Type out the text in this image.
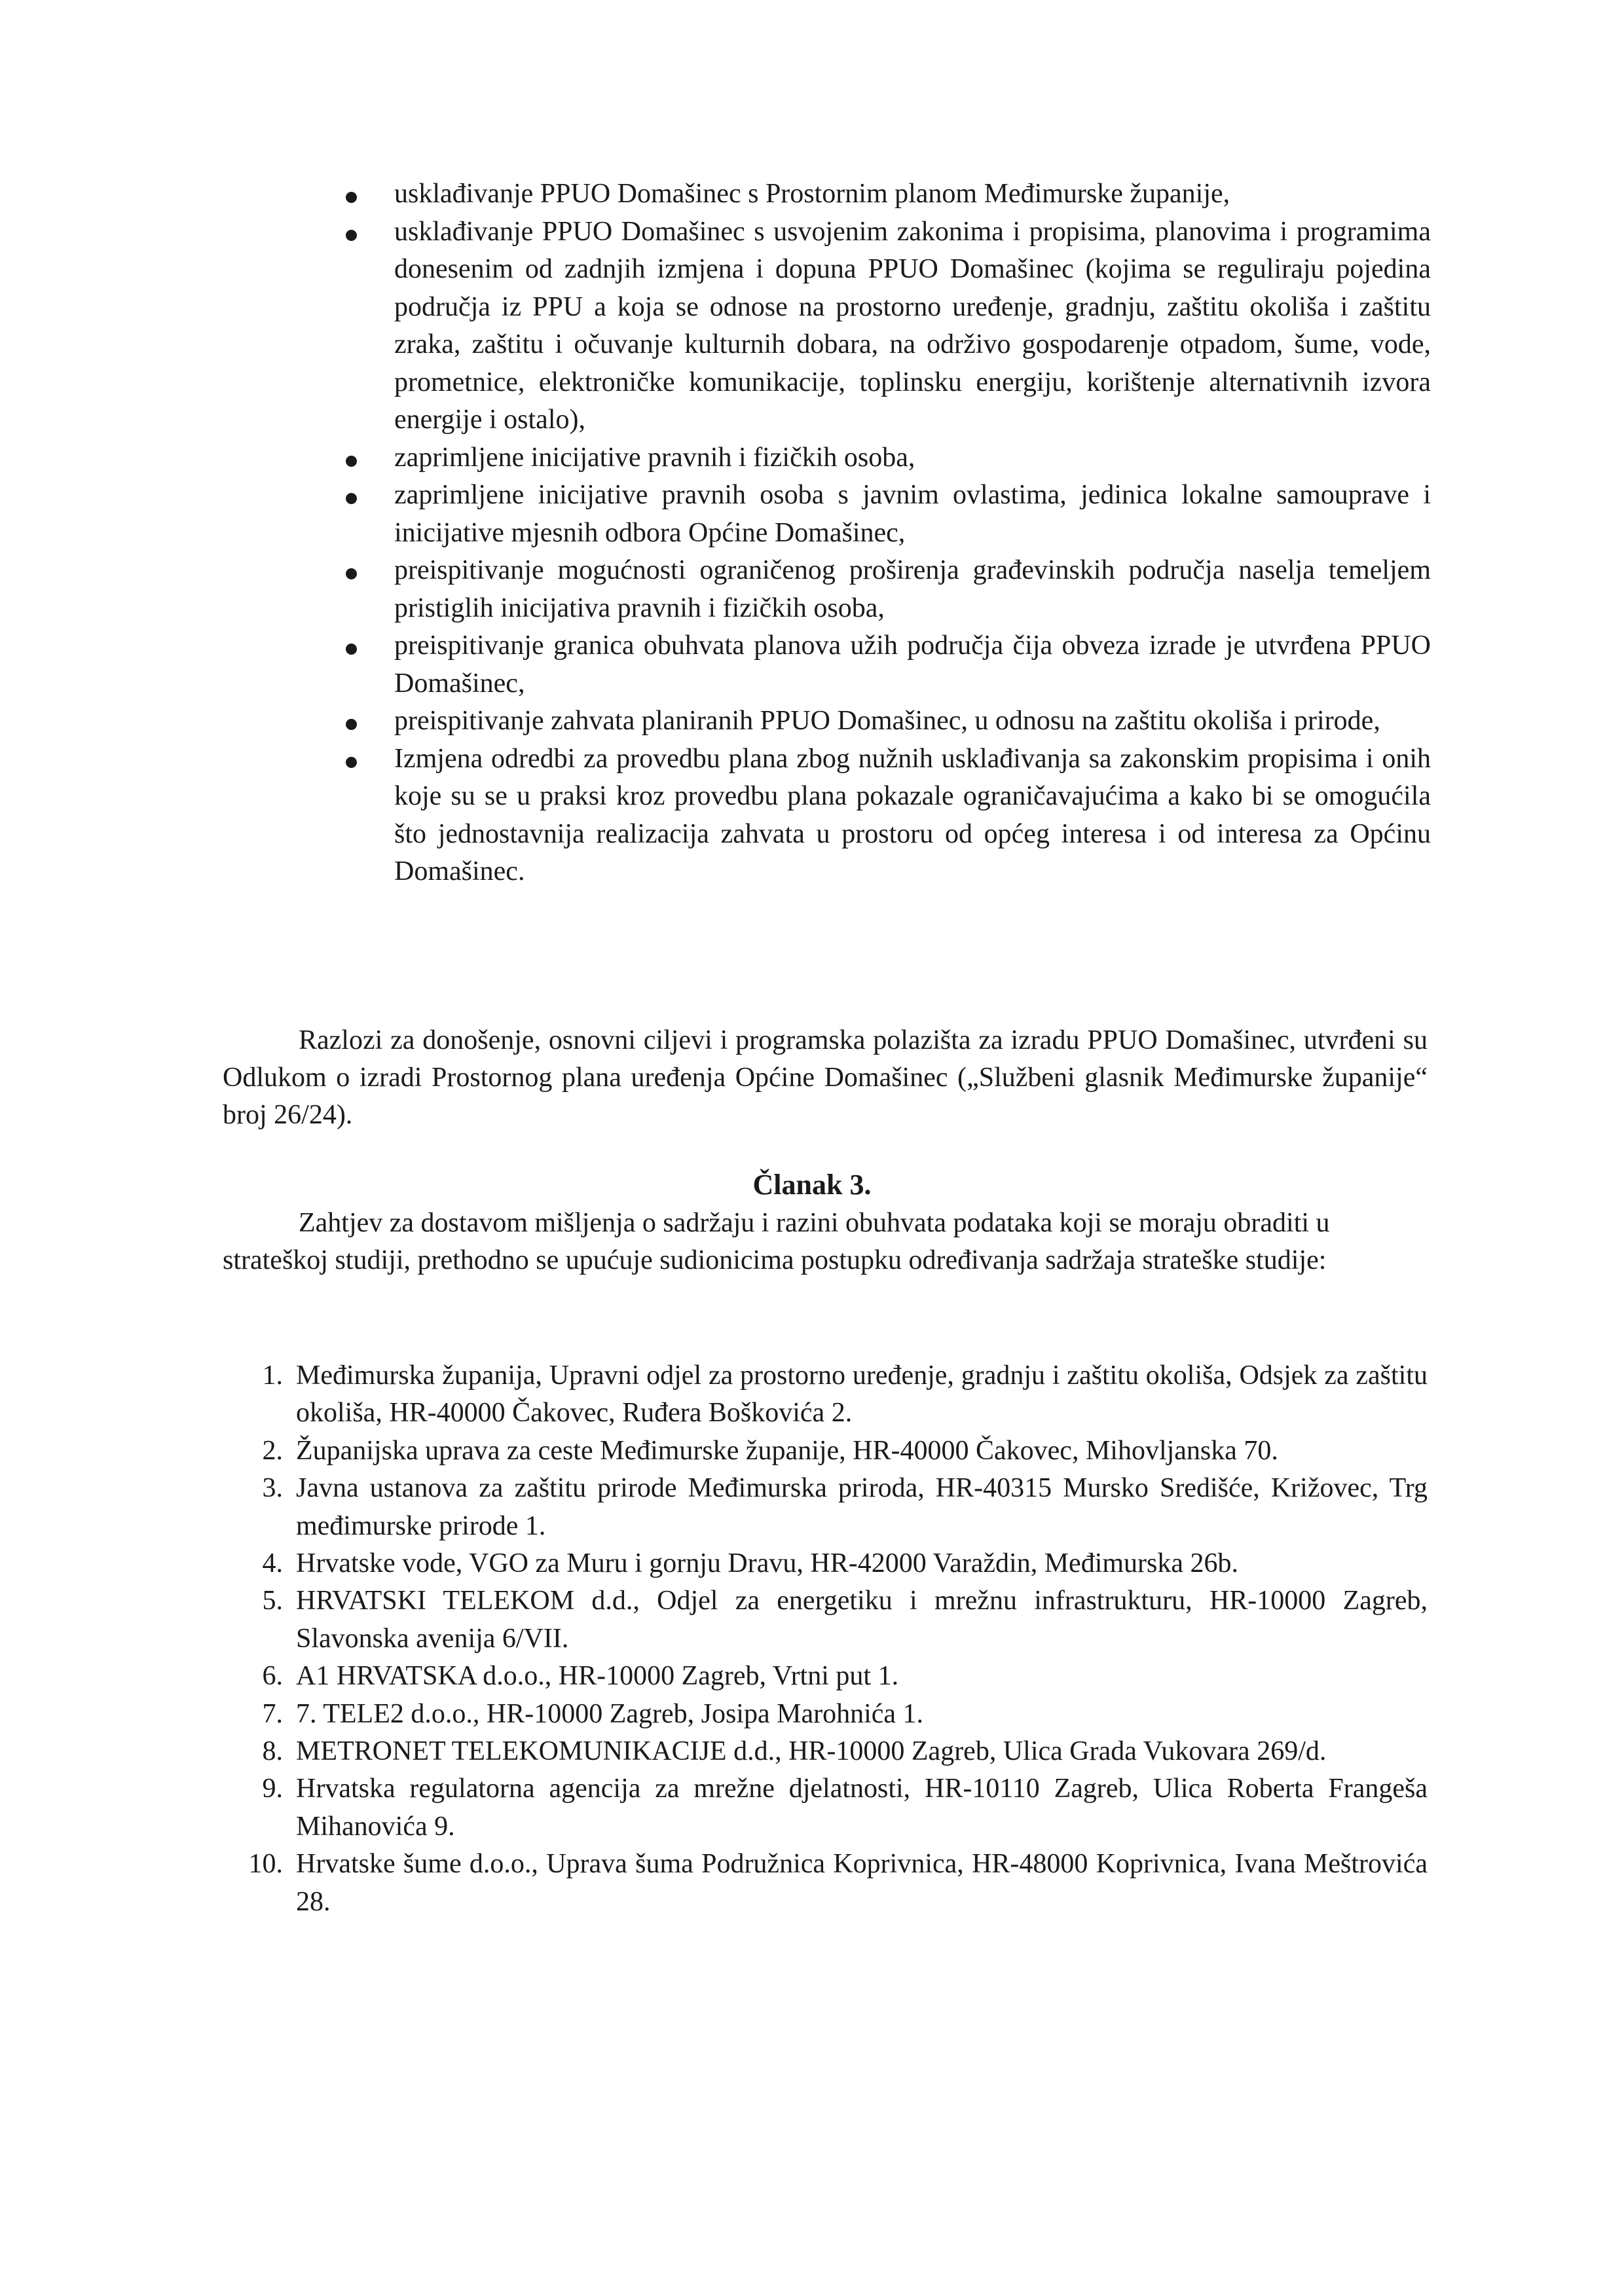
usklađivanje PPUO Domašinec s Prostornim planom Međimurske županije,
usklađivanje PPUO Domašinec s usvojenim zakonima i propisima, planovima i programima donesenim od zadnjih izmjena i dopuna PPUO Domašinec (kojima se reguliraju pojedina područja iz PPU a koja se odnose na prostorno uređenje, gradnju, zaštitu okoliša i zaštitu zraka, zaštitu i očuvanje kulturnih dobara, na održivo gospodarenje otpadom, šume, vode, prometnice, elektroničke komunikacije, toplinsku energiju, korištenje alternativnih izvora energije i ostalo),
zaprimljene inicijative pravnih i fizičkih osoba,
zaprimljene inicijative pravnih osoba s javnim ovlastima, jedinica lokalne samouprave i inicijative mjesnih odbora Općine Domašinec,
preispitivanje mogućnosti ograničenog proširenja građevinskih područja naselja temeljem pristiglih inicijativa pravnih i fizičkih osoba,
preispitivanje granica obuhvata planova užih područja čija obveza izrade je utvrđena PPUO Domašinec,
preispitivanje zahvata planiranih PPUO Domašinec, u odnosu na zaštitu okoliša i prirode,
Izmjena odredbi za provedbu plana zbog nužnih usklađivanja sa zakonskim propisima i onih koje su se u praksi kroz provedbu plana pokazale ograničavajućima a kako bi se omogućila što jednostavnija realizacija zahvata u prostoru od općeg interesa i od interesa za Općinu Domašinec.

Razlozi za donošenje, osnovni ciljevi i programska polazišta za izradu PPUO Domašinec, utvrđeni su Odlukom o izradi Prostornog plana uređenja Općine Domašinec („Službeni glasnik Međimurske županije“ broj 26/24).

Članak 3.

Zahtjev za dostavom mišljenja o sadržaju i razini obuhvata podataka koji se moraju obraditi u strateškoj studiji, prethodno se upućuje sudionicima postupku određivanja sadržaja strateške studije:

1. Međimurska županija, Upravni odjel za prostorno uređenje, gradnju i zaštitu okoliša, Odsjek za zaštitu okoliša, HR-40000 Čakovec, Ruđera Boškovića 2.
2. Županijska uprava za ceste Međimurske županije, HR-40000 Čakovec, Mihovljanska 70.
3. Javna ustanova za zaštitu prirode Međimurska priroda, HR-40315 Mursko Središće, Križovec, Trg međimurske prirode 1.
4. Hrvatske vode, VGO za Muru i gornju Dravu, HR-42000 Varaždin, Međimurska 26b.
5. HRVATSKI TELEKOM d.d., Odjel za energetiku i mrežnu infrastrukturu, HR-10000 Zagreb, Slavonska avenija 6/VII.
6. A1 HRVATSKA d.o.o., HR-10000 Zagreb, Vrtni put 1.
7. 7. TELE2 d.o.o., HR-10000 Zagreb, Josipa Marohnića 1.
8. METRONET TELEKOMUNIKACIJE d.d., HR-10000 Zagreb, Ulica Grada Vukovara 269/d.
9. Hrvatska regulatorna agencija za mrežne djelatnosti, HR-10110 Zagreb, Ulica Roberta Frangeša Mihanovića 9.
10. Hrvatske šume d.o.o., Uprava šuma Podružnica Koprivnica, HR-48000 Koprivnica, Ivana Meštrovića 28.
